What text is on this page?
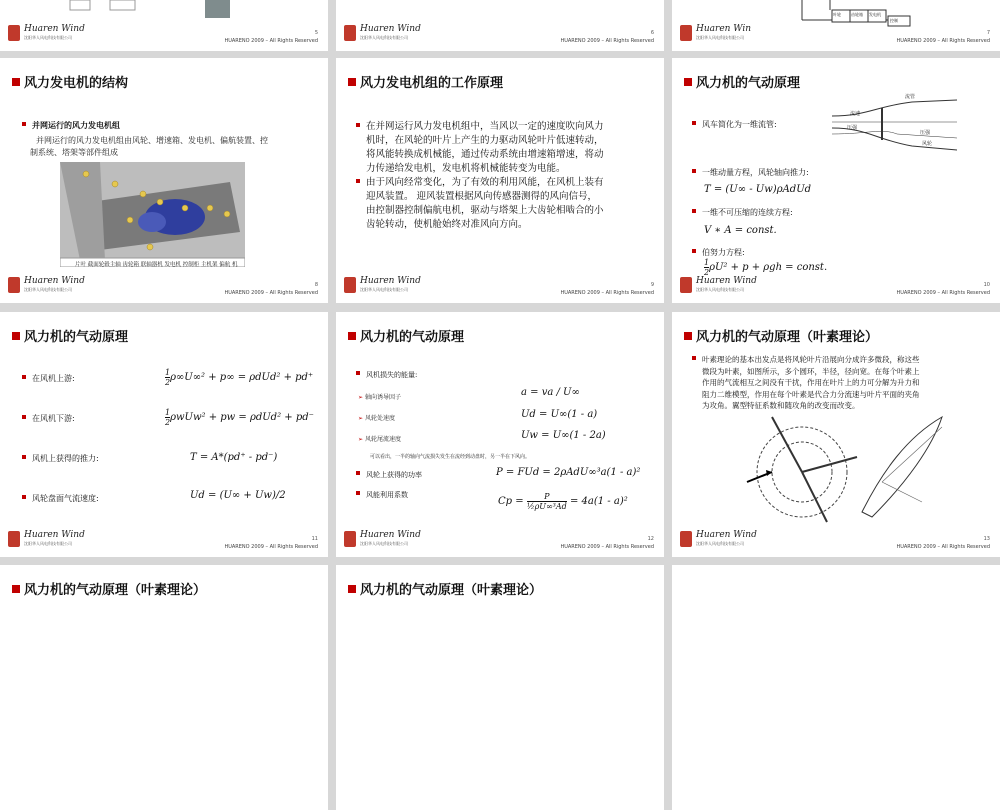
Huaren Wind
沈阳华人风电科技有限公司
5
HUARENO 2009 – All Rights Reserved
Huaren Wind
沈阳华人风电科技有限公司
6
HUARENO 2009 – All Rights Reserved
叶轮	齿轮箱 发电机
控制
Huaren Win
沈阳华人风电科技有限公司
7
HUARENO 2009 – All Rights Reserved
风力发电机的结构
并网运行的风力发电机组
并网运行的风力发电机组由风轮、增速箱、发电机、偏航装置、控
制系统、塔架等部件组成
片叶 截面轮毂主轴 齿轮箱 联轴器机 发电机 控制柜 主机架 偏航 机
Huaren Wind
沈阳华人风电科技有限公司
8
HUARENO 2009 – All Rights Reserved
风力发电机组的工作原理
在并网运行风力发电机组中，当风以一定的速度吹向风力
机时，在风轮的叶片上产生的力驱动风轮叶片低速转动，
将风能转换成机械能，通过传动系统由增速箱增速，将动
力传递给发电机，发电机将机械能转变为电能。
由于风向经常变化，为了有效的利用风能，在风机上装有
迎风装置。 迎风装置根据风向传感器测得的风向信号，
由控制器控制偏航电机，驱动与塔架上大齿轮相啮合的小
齿轮转动，使机舱始终对准风向方向。
Huaren Wind
沈阳华人风电科技有限公司
9
HUARENO 2009 – All Rights Reserved
风力机的气动原理
风车简化为一维流管:
流管
流速
压强
压强
风轮
一维动量方程，风轮轴向推力:
T = (U∞ - Uw)ρAdUd
一维不可压缩的连续方程:
V ∗ A = const.
伯努力方程:
$\frac{1}{2} \rho U^2 + p + \rho gh$ = const.
Huaren Wind
沈阳华人风电科技有限公司
10
HUARENO 2009 – All Rights Reserved
风力机的气动原理
在风机上游:	$\frac{1}{2} \rho\infty U\infty^2 + p\infty = \rho dUd^2 + pd^+$
在风机下游:	$\frac{1}{2} \rho wUw^2$ + pw = ρdUd² + pd⁻
风机上获得的推力:	T = A*(pd⁺ - pd⁻)
风轮盘面气流速度:	Ud = (U∞ + Uw)/2
Huaren Wind
沈阳华人风电科技有限公司
11
HUARENO 2009 – All Rights Reserved
风力机的气动原理
风机损失的能量:
➢ 轴向诱导因子	a = va / U∞
➢ 风轮处速度	Ud = U∞(1 - a)
➢ 风轮尾流速度	Uw = U∞(1 - 2a)
可以看出，一半的轴向气流损失发生在流经到动盘时，另一半在下风向。
风轮上获得的功率	P = FUd = 2ρAdU∞³a(1 - a)²
风能利用系数
$Cp = \frac{P}{\text{½ρU∞³Ad}} = 4a(1 - a)^2$
Huaren Wind
沈阳华人风电科技有限公司
12
HUARENO 2009 – All Rights Reserved
风力机的气动原理（叶素理论）
叶素理论的基本出发点是将风轮叶片沿展向分成许多微段，称这些
微段为叶素，如图所示，多个圆环，半径，径向宽。在每个叶素上
作用的气流相互之间没有干扰，作用在叶片上的力可分解为升力和
阻力二维模型，作用在每个叶素是代合力分流速与叶片平面的夹角
为攻角。翼型特征系数和随攻角的改变而改变。
Huaren Wind
沈阳华人风电科技有限公司
13
HUARENO 2009 – All Rights Reserved
风力机的气动原理（叶素理论）	风力机的气动原理（叶素理论）
